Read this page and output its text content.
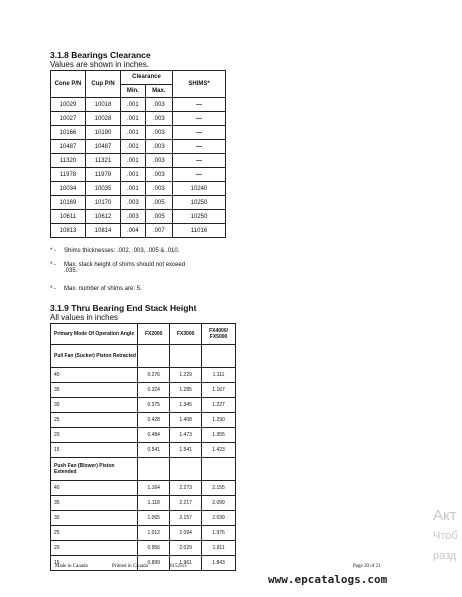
3.1.8 Bearings Clearance
Values are shown in inches.
Cone P/N	Cup P/N	Clearance		SHIMS*
		Min.	Max.	
10029	10018	.001	.003	—
10027	10028	.001	.003	—
10166	10190	.001	.003	—
10487	10487	.001	.003	—
11320	11321	.001	.003	—
11978	11979	.001	.003	—
10034	10035	.001	.003	10240
10169	10170	.003	.005	10250
10611	10612	.003	.005	10250
10813	10814	.004	.007	11016
* - Shims thicknesses: .002, .003, .005 & .010.
* - Max. stack height of shims should not exceed
.035.
* - Max. number of shims are: 5.
3.1.9 Thru Bearing End Stack Height
All values in inches
Primary Mode Of Operation Angle	FX2000	FX3000	FX4000/ FX5000
Pull Fan (Sucker) Piston Retracted			
40	0.276	1.229	1.111
35	0.324	1.285	1.167
30	0.375	1.345	1.227
25	0.428	1.408	1.290
20	0.484	1.473	1.355
15	0.541	1.541	1.423
Push Fan (Blower) Piston Extended			
40	1.164	2.273	2.155
35	1.118	2.217	2.099
30	1.065	2.157	2.039
25	1.012	2.094	1.976
20	0.956	2.029	1.911
15	0.899	1.961	1.843
Made in Canada	Printed in Canada	01525r3	Page 20 of 21
www.epcatalogs.com
Акт
Чтоб
разд
